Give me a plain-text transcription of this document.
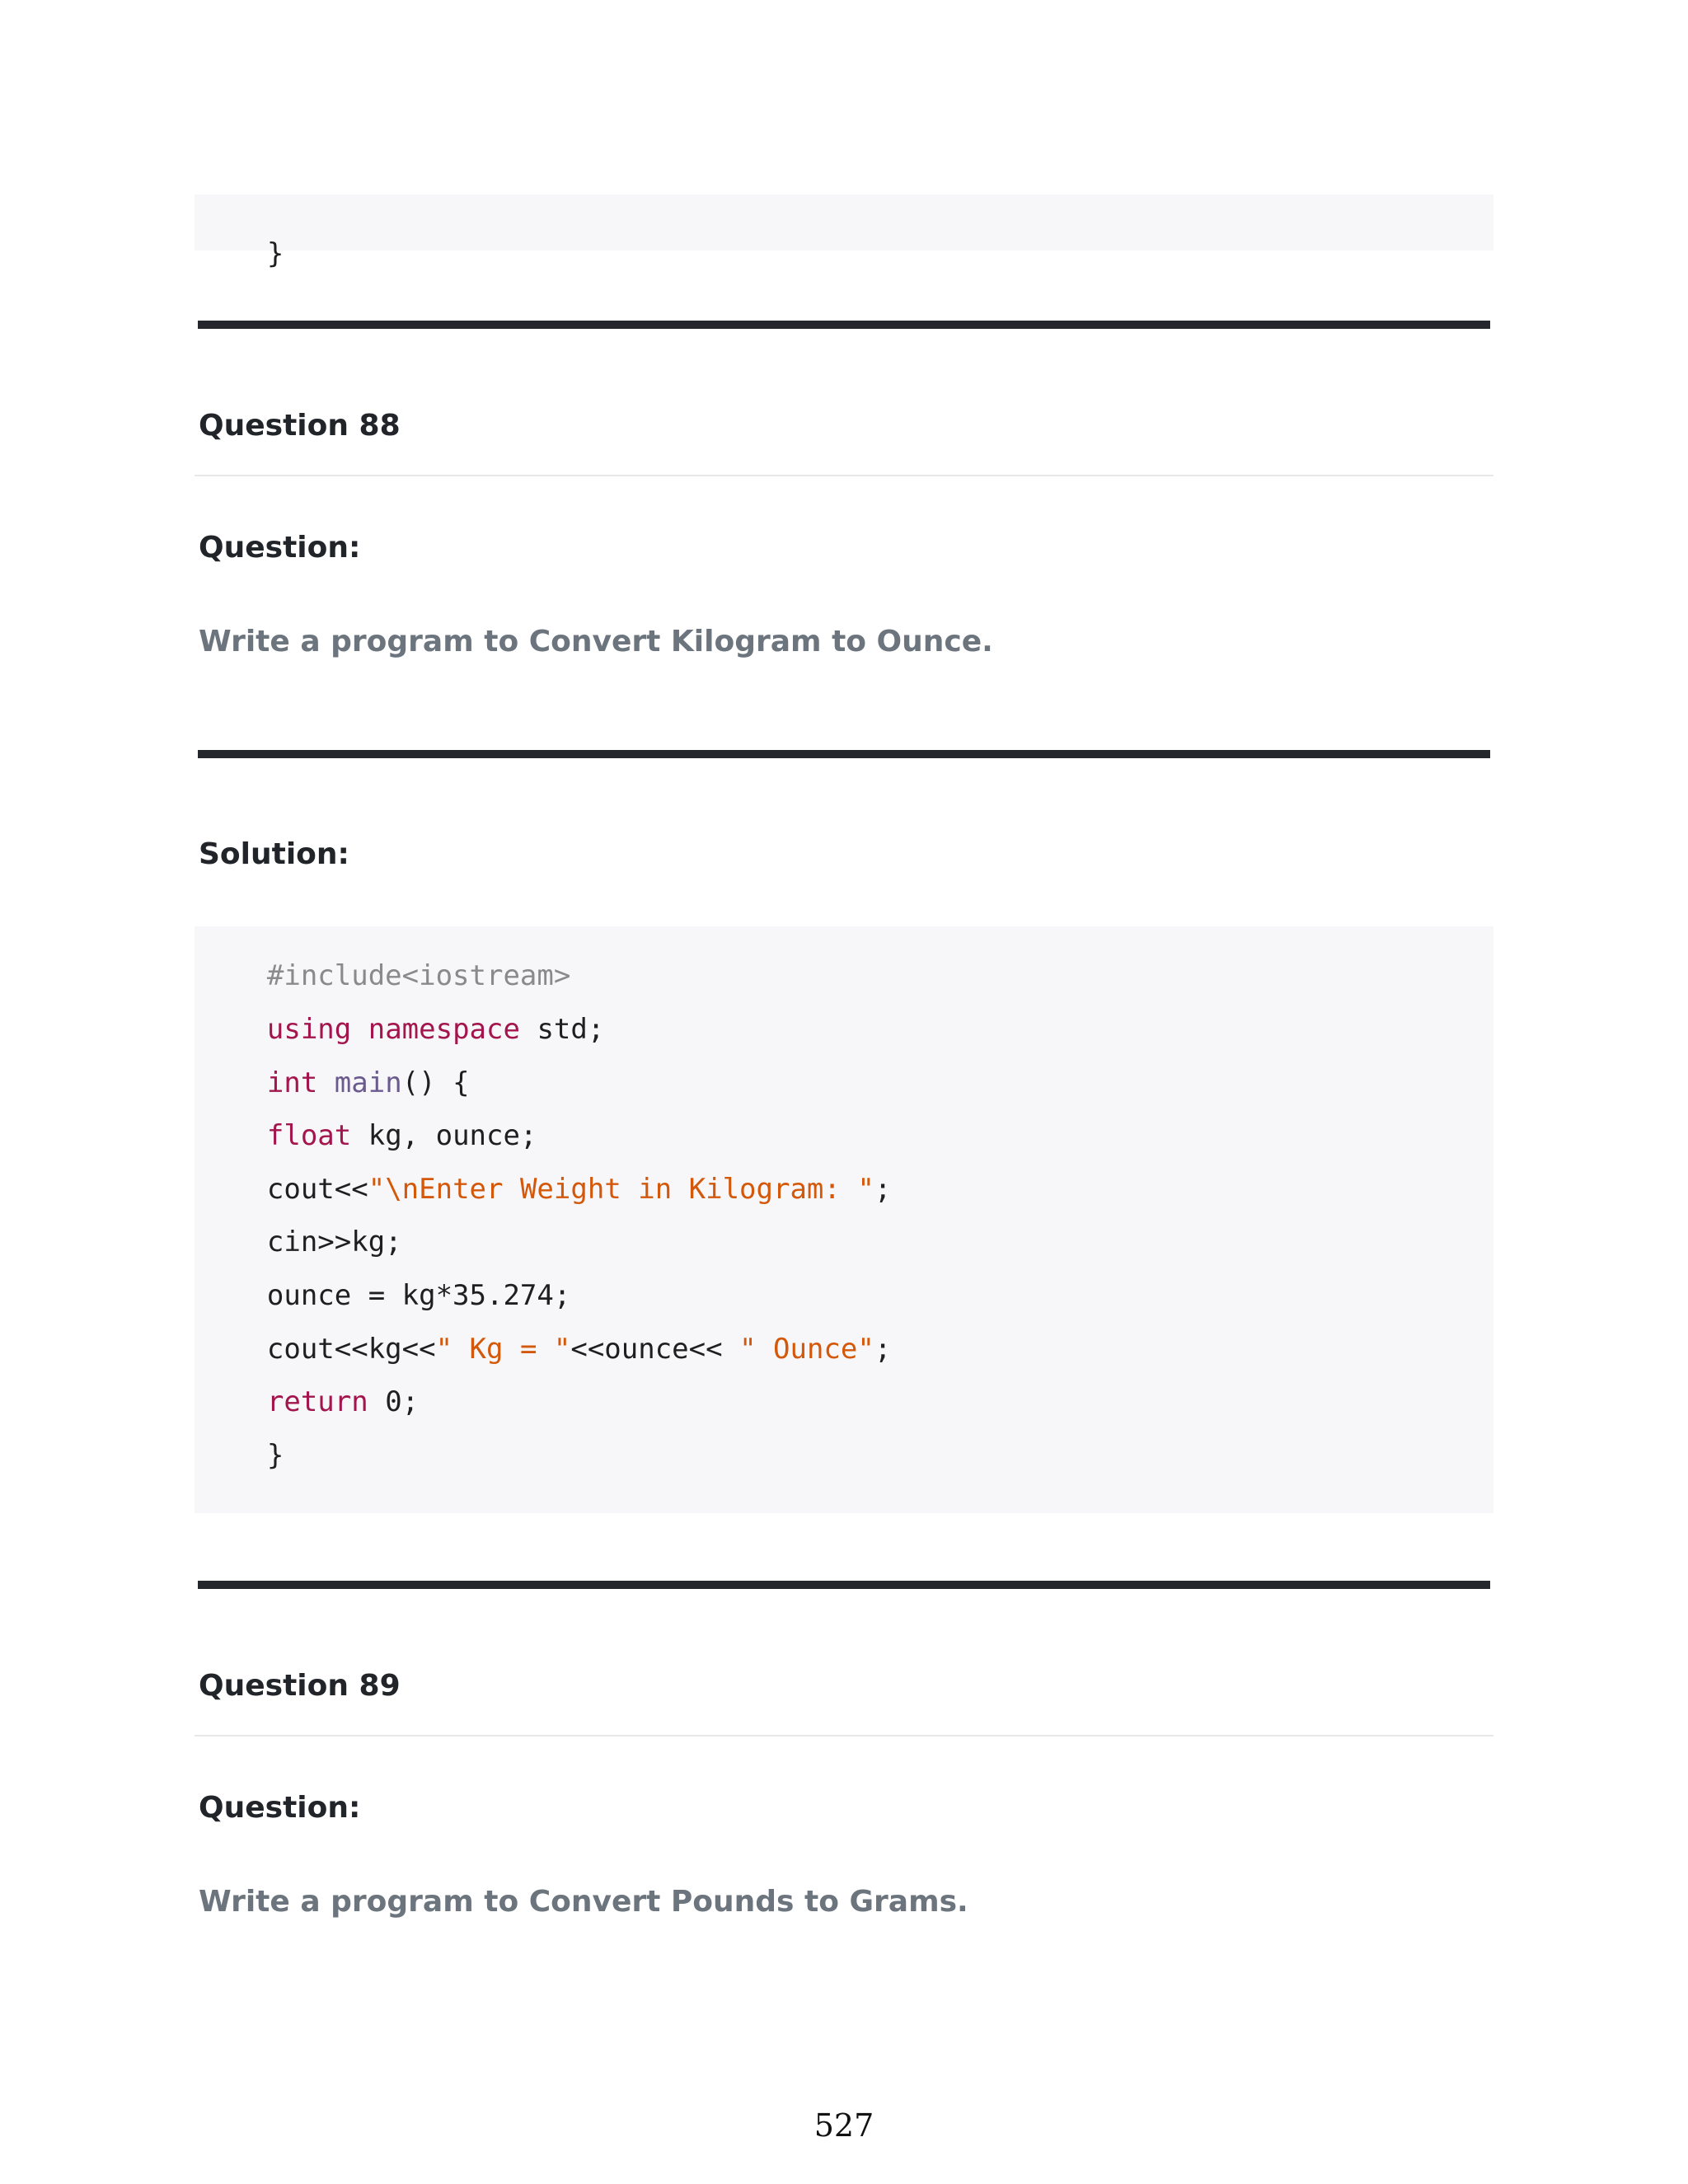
}

Question 88
Question:
Write a program to Convert Kilogram to Ounce.
Solution:

#include<iostream>

using namespace std;

int main() {

float kg, ounce;

cout<<"\nEnter Weight in Kilogram: ";

cin>>kg;

ounce = kg*35.274;

cout<<kg<<" Kg = "<<ounce<< " Ounce";

return 0;

}

Question 89
Question:
Write a program to Convert Pounds to Grams.
527
